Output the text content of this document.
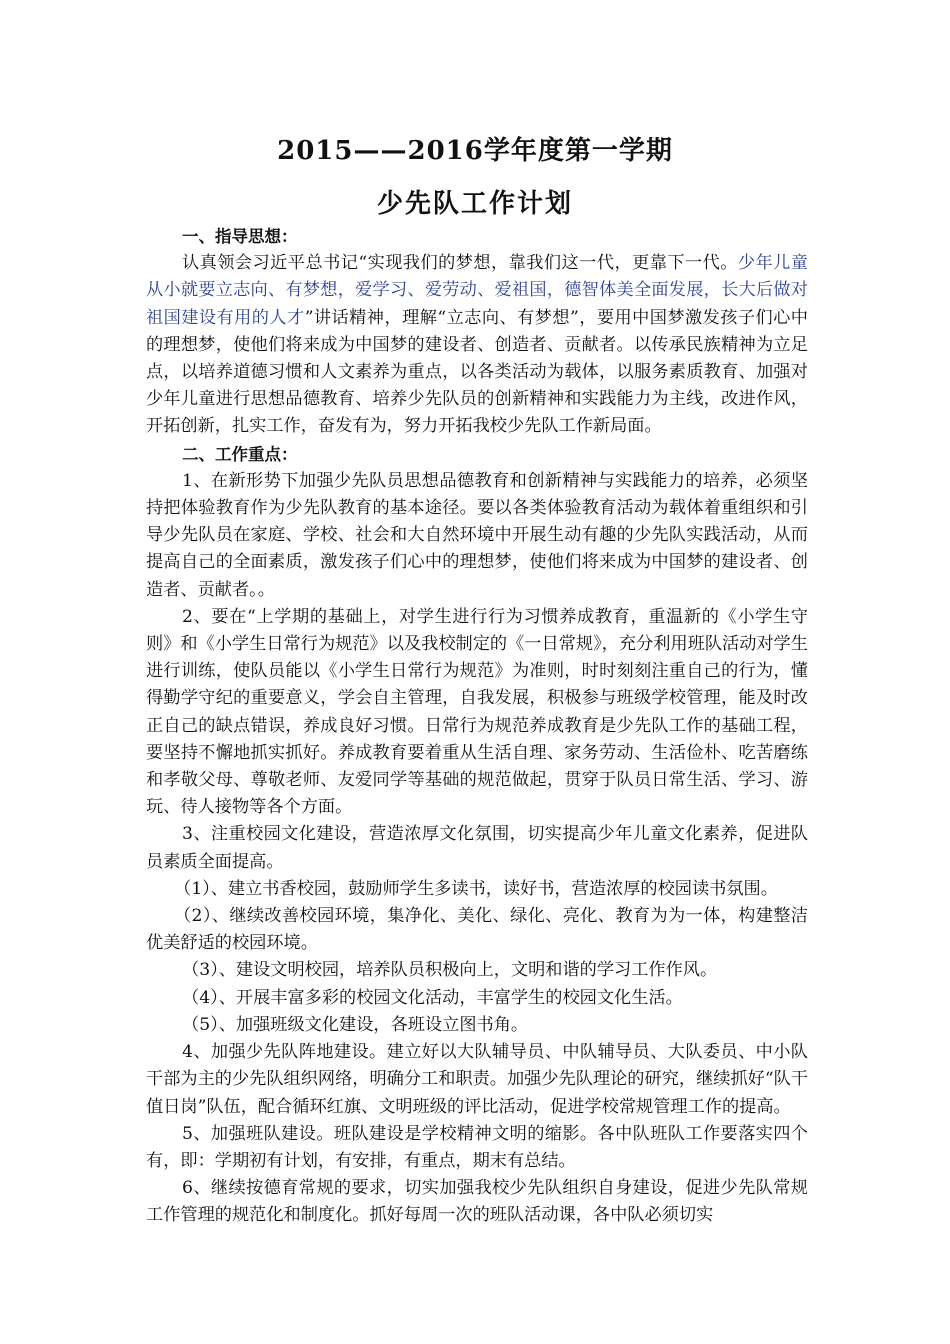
2015——2016学年度第一学期
少先队工作计划

一、指导思想：

认真领会习近平总书记“实现我们的梦想，靠我们这一代，更靠下一代。少年儿童从小就要立志向、有梦想，爱学习、爱劳动、爱祖国，德智体美全面发展，长大后做对祖国建设有用的人才”讲话精神，理解“立志向、有梦想”，要用中国梦激发孩子们心中的理想梦，使他们将来成为中国梦的建设者、创造者、贡献者。以传承民族精神为立足点，以培养道德习惯和人文素养为重点，以各类活动为载体，以服务素质教育、加强对少年儿童进行思想品德教育、培养少先队员的创新精神和实践能力为主线，改进作风，开拓创新，扎实工作，奋发有为，努力开拓我校少先队工作新局面。

二、工作重点：

1、在新形势下加强少先队员思想品德教育和创新精神与实践能力的培养，必须坚持把体验教育作为少先队教育的基本途径。要以各类体验教育活动为载体着重组织和引导少先队员在家庭、学校、社会和大自然环境中开展生动有趣的少先队实践活动，从而提高自己的全面素质，激发孩子们心中的理想梦，使他们将来成为中国梦的建设者、创造者、贡献者。。

2、要在“上学期的基础上，对学生进行行为习惯养成教育，重温新的《小学生守则》和《小学生日常行为规范》以及我校制定的《一日常规》，充分利用班队活动对学生进行训练，使队员能以《小学生日常行为规范》为准则，时时刻刻注重自己的行为，懂得勤学守纪的重要意义，学会自主管理，自我发展，积极参与班级学校管理，能及时改正自己的缺点错误，养成良好习惯。日常行为规范养成教育是少先队工作的基础工程，要坚持不懈地抓实抓好。养成教育要着重从生活自理、家务劳动、生活俭朴、吃苦磨练和孝敬父母、尊敬老师、友爱同学等基础的规范做起，贯穿于队员日常生活、学习、游玩、待人接物等各个方面。

3、注重校园文化建设，营造浓厚文化氛围，切实提高少年儿童文化素养，促进队员素质全面提高。

（1）、建立书香校园，鼓励师学生多读书，读好书，营造浓厚的校园读书氛围。

（2）、继续改善校园环境，集净化、美化、绿化、亮化、教育为为一体，构建整洁优美舒适的校园环境。

（3）、建设文明校园，培养队员积极向上，文明和谐的学习工作作风。

（4）、开展丰富多彩的校园文化活动，丰富学生的校园文化生活。

（5）、加强班级文化建设，各班设立图书角。

4、加强少先队阵地建设。建立好以大队辅导员、中队辅导员、大队委员、中小队干部为主的少先队组织网络，明确分工和职责。加强少先队理论的研究，继续抓好“队干值日岗”队伍，配合循环红旗、文明班级的评比活动，促进学校常规管理工作的提高。

5、加强班队建设。班队建设是学校精神文明的缩影。各中队班队工作要落实四个有，即：学期初有计划，有安排，有重点，期末有总结。

6、继续按德育常规的要求，切实加强我校少先队组织自身建设，促进少先队常规工作管理的规范化和制度化。抓好每周一次的班队活动课，各中队必须切实
